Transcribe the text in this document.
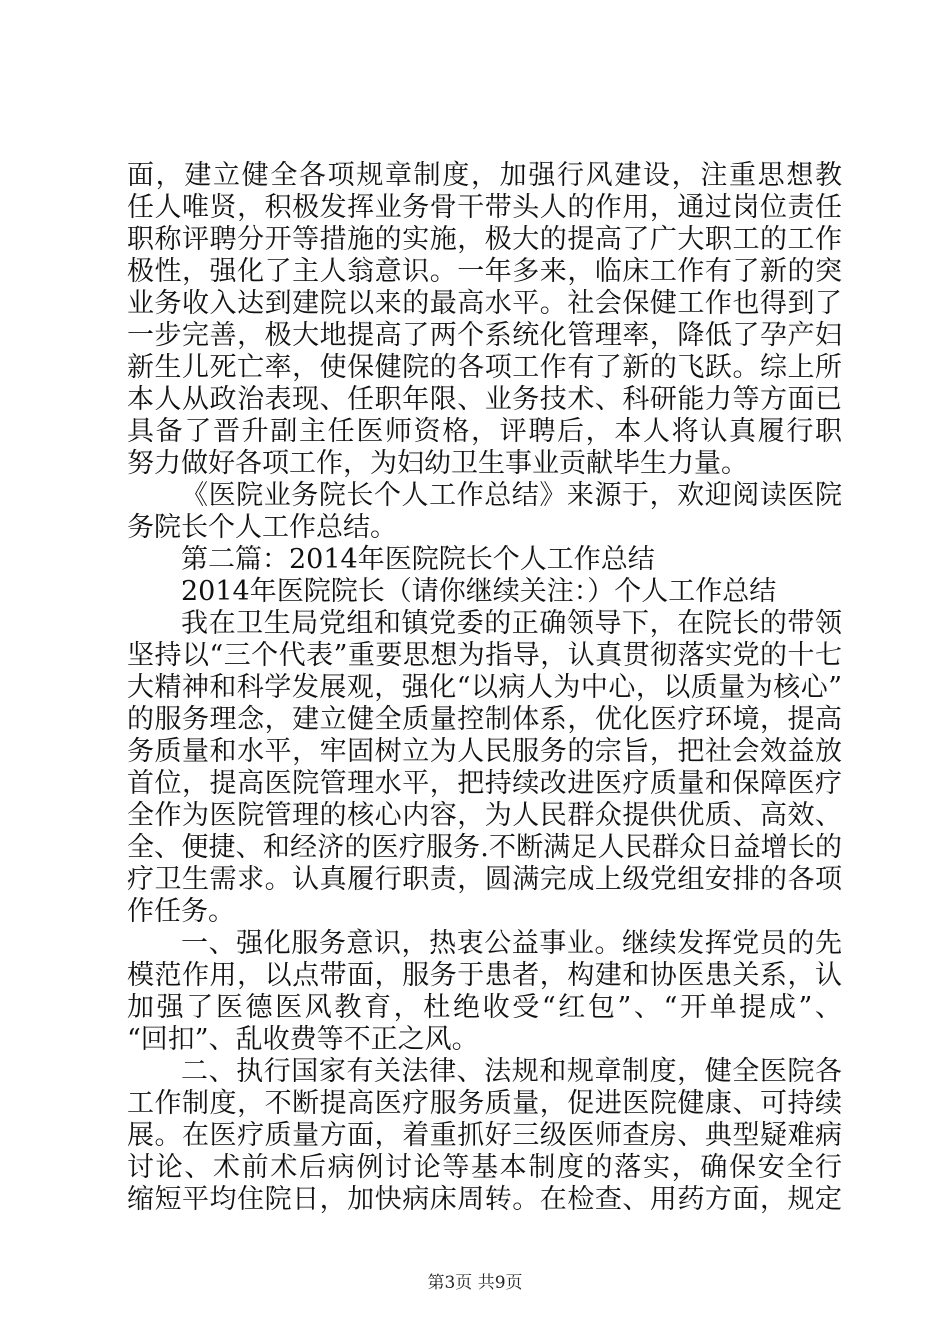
面，建立健全各项规章制度，加强行风建设，注重思想教
任人唯贤，积极发挥业务骨干带头人的作用，通过岗位责任
职称评聘分开等措施的实施，极大的提高了广大职工的工作
极性，强化了主人翁意识。一年多来，临床工作有了新的突
业务收入达到建院以来的最高水平。社会保健工作也得到了
一步完善，极大地提高了两个系统化管理率，降低了孕产妇
新生儿死亡率，使保健院的各项工作有了新的飞跃。综上所
本人从政治表现、任职年限、业务技术、科研能力等方面已
具备了晋升副主任医师资格，评聘后，本人将认真履行职
努力做好各项工作，为妇幼卫生事业贡献毕生力量。
《医院业务院长个人工作总结》来源于，欢迎阅读医院
务院长个人工作总结。
第二篇：2014年医院院长个人工作总结
2014年医院院长（请你继续关注：）个人工作总结
我在卫生局党组和镇党委的正确领导下，在院长的带领
坚持以“三个代表”重要思想为指导，认真贯彻落实党的十七
大精神和科学发展观，强化“以病人为中心，以质量为核心”
的服务理念，建立健全质量控制体系，优化医疗环境，提高
务质量和水平，牢固树立为人民服务的宗旨，把社会效益放
首位，提高医院管理水平，把持续改进医疗质量和保障医疗
全作为医院管理的核心内容，为人民群众提供优质、高效、
全、便捷、和经济的医疗服务.不断满足人民群众日益增长的
疗卫生需求。认真履行职责，圆满完成上级党组安排的各项
作任务。
一、强化服务意识，热衷公益事业。继续发挥党员的先
模范作用，以点带面，服务于患者，构建和协医患关系，认
加强了医德医风教育，杜绝收受“红包”、“开单提成”、
“回扣”、乱收费等不正之风。
二、执行国家有关法律、法规和规章制度，健全医院各
工作制度，不断提高医疗服务质量，促进医院健康、可持续
展。在医疗质量方面，着重抓好三级医师查房、典型疑难病
讨论、术前术后病例讨论等基本制度的落实，确保安全行
缩短平均住院日，加快病床周转。在检查、用药方面，规定
第3页 共9页
